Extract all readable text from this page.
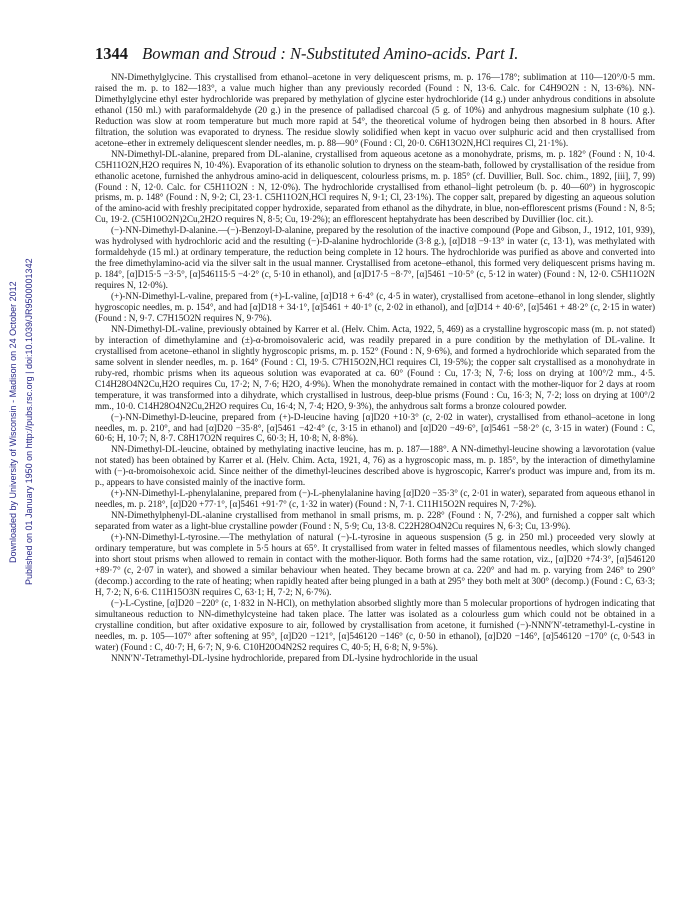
1344 Bowman and Stroud : N-Substituted Amino-acids. Part I.
Downloaded by University of Wisconsin - Madison on 24 October 2012 Published on 01 January 1950 on http://pubs.rsc.org | doi:10.1039/JR9500001342

NN-Dimethylglycine. This crystallised from ethanol–acetone in very deliquescent prisms, m. p. 176—178°; sublimation at 110—120°/0·5 mm. raised the m. p. to 182—183°, a value much higher than any previously recorded (Found : N, 13·6. Calc. for C4H9O2N : N, 13·6%). NN-Dimethylglycine ethyl ester hydrochloride was prepared by methylation of glycine ester hydrochloride (14 g.) under anhydrous conditions in absolute ethanol (150 ml.) with paraformaldehyde (20 g.) in the presence of palladised charcoal (5 g. of 10%) and anhydrous magnesium sulphate (10 g.). Reduction was slow at room temperature but much more rapid at 54°, the theoretical volume of hydrogen being then absorbed in 8 hours. After filtration, the solution was evaporated to dryness. The residue slowly solidified when kept in vacuo over sulphuric acid and then crystallised from acetone–ether in extremely deliquescent slender needles, m. p. 88—90° (Found : Cl, 20·0. C6H13O2N,HCl requires Cl, 21·1%).

NN-Dimethyl-DL-alanine, prepared from DL-alanine, crystallised from aqueous acetone as a monohydrate, prisms, m. p. 182° (Found : N, 10·4. C5H11O2N,H2O requires N, 10·4%). Evaporation of its ethanolic solution to dryness on the steam-bath, followed by crystallisation of the residue from ethanolic acetone, furnished the anhydrous amino-acid in deliquescent, colourless prisms, m. p. 185° (cf. Duvillier, Bull. Soc. chim., 1892, [iii], 7, 99) (Found : N, 12·0. Calc. for C5H11O2N : N, 12·0%). The hydrochloride crystallised from ethanol–light petroleum (b. p. 40—60°) in hygroscopic prisms, m. p. 148° (Found : N, 9·2; Cl, 23·1. C5H11O2N,HCl requires N, 9·1; Cl, 23·1%). The copper salt, prepared by digesting an aqueous solution of the amino-acid with freshly precipitated copper hydroxide, separated from ethanol as the dihydrate, in blue, non-efflorescent prisms (Found : N, 8·5; Cu, 19·2. (C5H10O2N)2Cu,2H2O requires N, 8·5; Cu, 19·2%); an efflorescent heptahydrate has been described by Duvillier (loc. cit.).

(−)-NN-Dimethyl-D-alanine.—(−)-Benzoyl-D-alanine, prepared by the resolution of the inactive compound (Pope and Gibson, J., 1912, 101, 939), was hydrolysed with hydrochloric acid and the resulting (−)-D-alanine hydrochloride (3·8 g.), [α]D18 −9·13° in water (c, 13·1), was methylated with formaldehyde (15 ml.) at ordinary temperature, the reduction being complete in 12 hours. The hydrochloride was purified as above and converted into the free dimethylamino-acid via the silver salt in the usual manner. Crystallised from acetone–ethanol, this formed very deliquescent prisms having m. p. 184°, [α]D15·5 −3·5°, [α]546115·5 −4·2° (c, 5·10 in ethanol), and [α]D17·5 −8·7°, [α]5461 −10·5° (c, 5·12 in water) (Found : N, 12·0. C5H11O2N requires N, 12·0%).

(+)-NN-Dimethyl-L-valine, prepared from (+)-L-valine, [α]D18 + 6·4° (c, 4·5 in water), crystallised from acetone–ethanol in long slender, slightly hygroscopic needles, m. p. 154°, and had [α]D18 + 34·1°, [α]5461 + 40·1° (c, 2·02 in ethanol), and [α]D14 + 40·6°, [α]5461 + 48·2° (c, 2·15 in water) (Found : N, 9·7. C7H15O2N requires N, 9·7%).

NN-Dimethyl-DL-valine, previously obtained by Karrer et al. (Helv. Chim. Acta, 1922, 5, 469) as a crystalline hygroscopic mass (m. p. not stated) by interaction of dimethylamine and (±)-α-bromoisovaleric acid, was readily prepared in a pure condition by the methylation of DL-valine. It crystallised from acetone–ethanol in slightly hygroscopic prisms, m. p. 152° (Found : N, 9·6%), and formed a hydrochloride which separated from the same solvent in slender needles, m. p. 164° (Found : Cl, 19·5. C7H15O2N,HCl requires Cl, 19·5%); the copper salt crystallised as a monohydrate in ruby-red, rhombic prisms when its aqueous solution was evaporated at ca. 60° (Found : Cu, 17·3; N, 7·6; loss on drying at 100°/2 mm., 4·5. C14H28O4N2Cu,H2O requires Cu, 17·2; N, 7·6; H2O, 4·9%). When the monohydrate remained in contact with the mother-liquor for 2 days at room temperature, it was transformed into a dihydrate, which crystallised in lustrous, deep-blue prisms (Found : Cu, 16·3; N, 7·2; loss on drying at 100°/2 mm., 10·0. C14H28O4N2Cu,2H2O requires Cu, 16·4; N, 7·4; H2O, 9·3%), the anhydrous salt forms a bronze coloured powder.

(−)-NN-Dimethyl-D-leucine, prepared from (+)-D-leucine having [α]D20 +10·3° (c, 2·02 in water), crystallised from ethanol–acetone in long needles, m. p. 210°, and had [α]D20 −35·8°, [α]5461 −42·4° (c, 3·15 in ethanol) and [α]D20 −49·6°, [α]5461 −58·2° (c, 3·15 in water) (Found : C, 60·6; H, 10·7; N, 8·7. C8H17O2N requires C, 60·3; H, 10·8; N, 8·8%).

NN-Dimethyl-DL-leucine, obtained by methylating inactive leucine, has m. p. 187—188°. A NN-dimethyl-leucine showing a lævorotation (value not stated) has been obtained by Karrer et al. (Helv. Chim. Acta, 1921, 4, 76) as a hygroscopic mass, m. p. 185°, by the interaction of dimethylamine with (−)-α-bromoisohexoic acid. Since neither of the dimethyl-leucines described above is hygroscopic, Karrer's product was impure and, from its m. p., appears to have consisted mainly of the inactive form.

(+)-NN-Dimethyl-L-phenylalanine, prepared from (−)-L-phenylalanine having [α]D20 −35·3° (c, 2·01 in water), separated from aqueous ethanol in needles, m. p. 218°, [α]D20 +77·1°, [α]5461 +91·7° (c, 1·32 in water) (Found : N, 7·1. C11H15O2N requires N, 7·2%).

NN-Dimethylphenyl-DL-alanine crystallised from methanol in small prisms, m. p. 228° (Found : N, 7·2%), and furnished a copper salt which separated from water as a light-blue crystalline powder (Found : N, 5·9; Cu, 13·8. C22H28O4N2Cu requires N, 6·3; Cu, 13·9%).

(+)-NN-Dimethyl-L-tyrosine.—The methylation of natural (−)-L-tyrosine in aqueous suspension (5 g. in 250 ml.) proceeded very slowly at ordinary temperature, but was complete in 5·5 hours at 65°. It crystallised from water in felted masses of filamentous needles, which slowly changed into short stout prisms when allowed to remain in contact with the mother-liquor. Both forms had the same rotation, viz., [α]D20 +74·3°, [α]546120 +89·7° (c, 2·07 in water), and showed a similar behaviour when heated. They became brown at ca. 220° and had m. p. varying from 246° to 290° (decomp.) according to the rate of heating; when rapidly heated after being plunged in a bath at 295° they both melt at 300° (decomp.) (Found : C, 63·3; H, 7·2; N, 6·6. C11H15O3N requires C, 63·1; H, 7·2; N, 6·7%).

(−)-L-Cystine, [α]D20 −220° (c, 1·832 in N-HCl), on methylation absorbed slightly more than 5 molecular proportions of hydrogen indicating that simultaneous reduction to NN-dimethylcysteine had taken place. The latter was isolated as a colourless gum which could not be obtained in a crystalline condition, but after oxidative exposure to air, followed by crystallisation from acetone, it furnished (−)-NNN′N′-tetramethyl-L-cystine in needles, m. p. 105—107° after softening at 95°, [α]D20 −121°, [α]546120 −146° (c, 0·50 in ethanol), [α]D20 −146°, [α]546120 −170° (c, 0·543 in water) (Found : C, 40·7; H, 6·7; N, 9·6. C10H20O4N2S2 requires C, 40·5; H, 6·8; N, 9·5%).

NNN′N′-Tetramethyl-DL-lysine hydrochloride, prepared from DL-lysine hydrochloride in the usual
